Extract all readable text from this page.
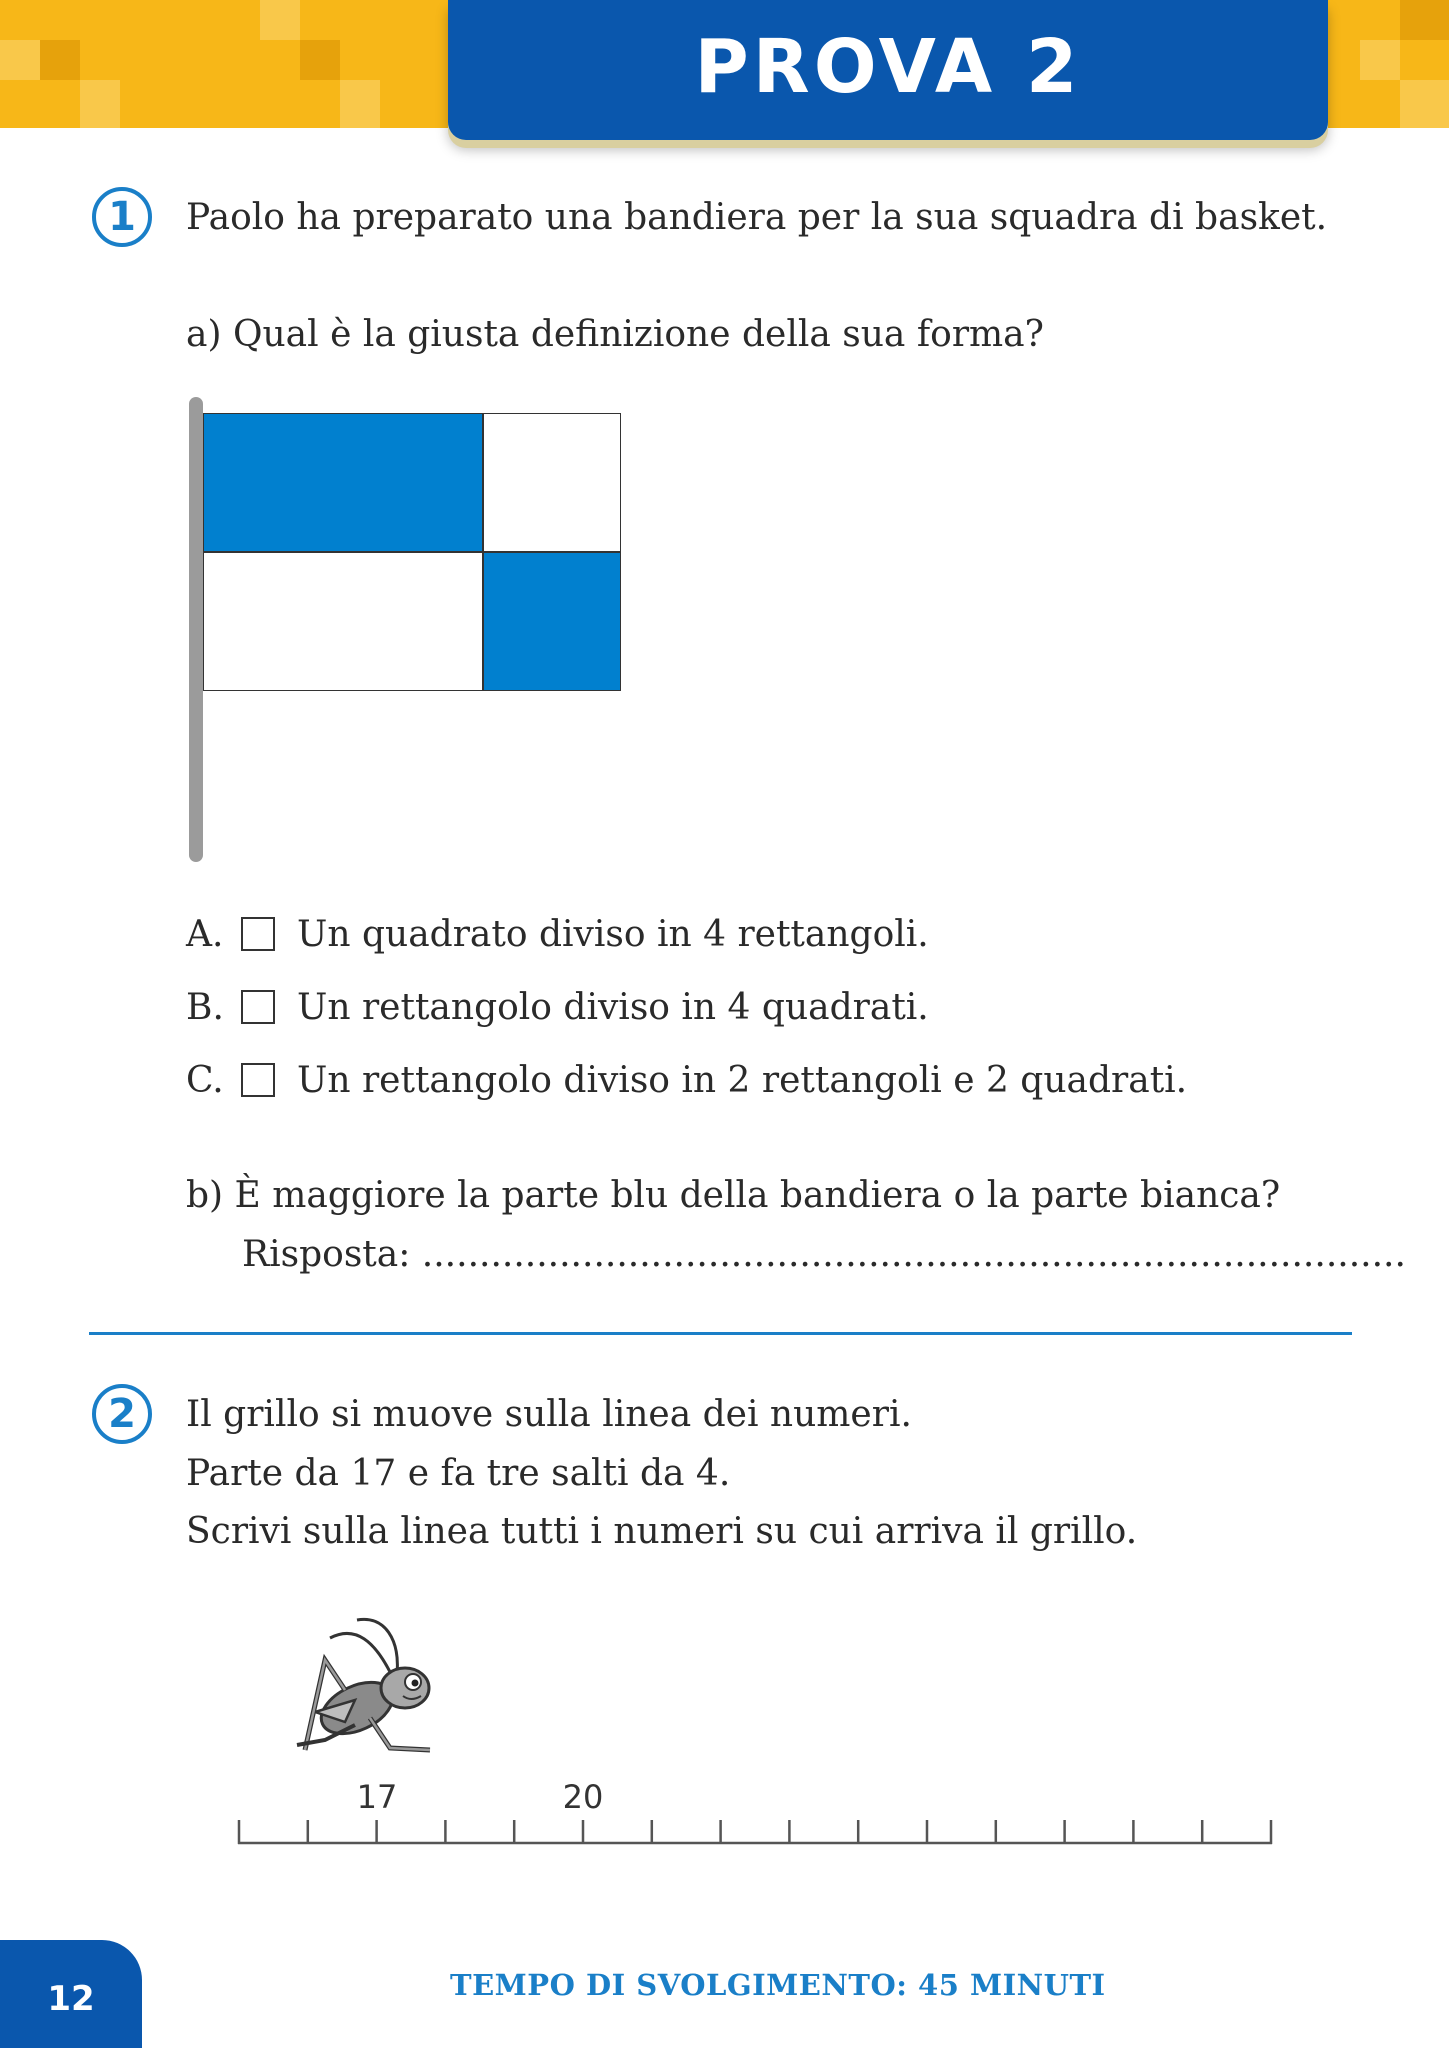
PROVA 2
1	Paolo ha preparato una bandiera per la sua squadra di basket.
a) Qual è la giusta definizione della sua forma?
A.	Un quadrato diviso in 4 rettangoli.
B.	Un rettangolo diviso in 4 quadrati.
C.	Un rettangolo diviso in 2 rettangoli e 2 quadrati.
b) È maggiore la parte blu della bandiera o la parte bianca?
Risposta: ......................................................................................
2	Il grillo si muove sulla linea dei numeri.
Parte da 17 e fa tre salti da 4.
Scrivi sulla linea tutti i numeri su cui arriva il grillo.
17	20
12	TEMPO DI SVOLGIMENTO: 45 MINUTI
